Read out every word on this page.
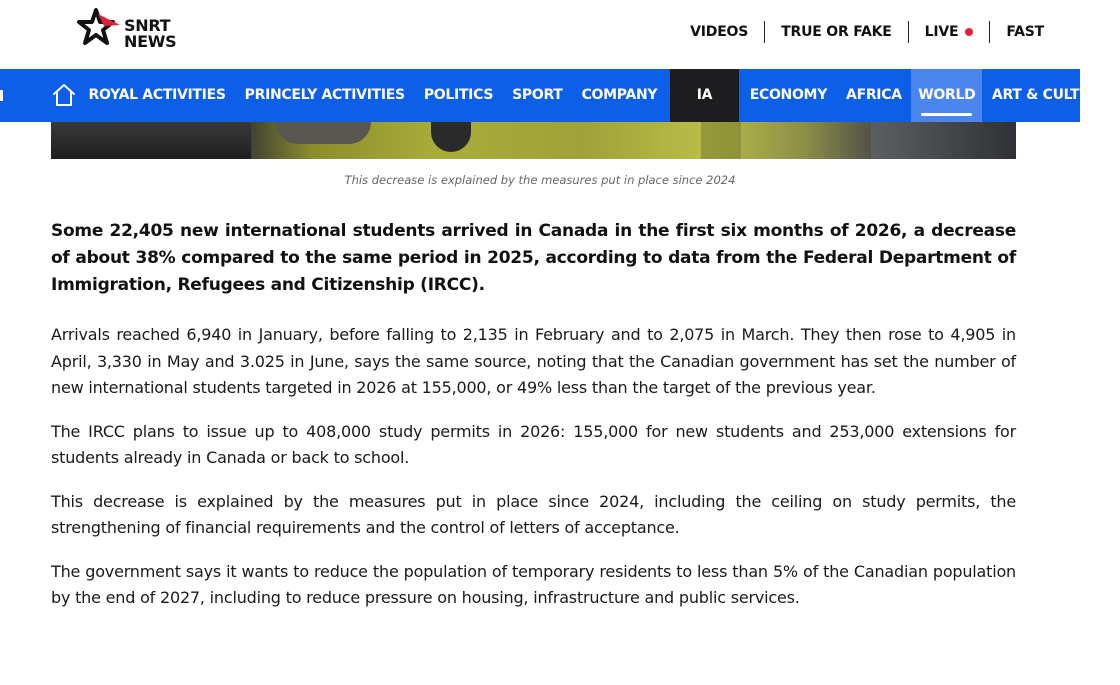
SNRT
NEWS	VIDEOS	TRUE OR FAKE	LIVE	FAST
ROYAL ACTIVITIES	PRINCELY ACTIVITIES	POLITICS	SPORT	COMPANY	IA	ECONOMY	AFRICA	WORLD	ART & CULTURE
This decrease is explained by the measures put in place since 2024

Some 22,405 new international students arrived in Canada in the first six months of 2026, a decrease of about 38% compared to the same period in 2025, according to data from the Federal Department of Immigration, Refugees and Citizenship (IRCC).

Arrivals reached 6,940 in January, before falling to 2,135 in February and to 2,075 in March. They then rose to 4,905 in April, 3,330 in May and 3.025 in June, says the same source, noting that the Canadian government has set the number of new international students targeted in 2026 at 155,000, or 49% less than the target of the previous year.

The IRCC plans to issue up to 408,000 study permits in 2026: 155,000 for new students and 253,000 extensions for students already in Canada or back to school.

This decrease is explained by the measures put in place since 2024, including the ceiling on study permits, the strengthening of financial requirements and the control of letters of acceptance.

The government says it wants to reduce the population of temporary residents to less than 5% of the Canadian population by the end of 2027, including to reduce pressure on housing, infrastructure and public services.
